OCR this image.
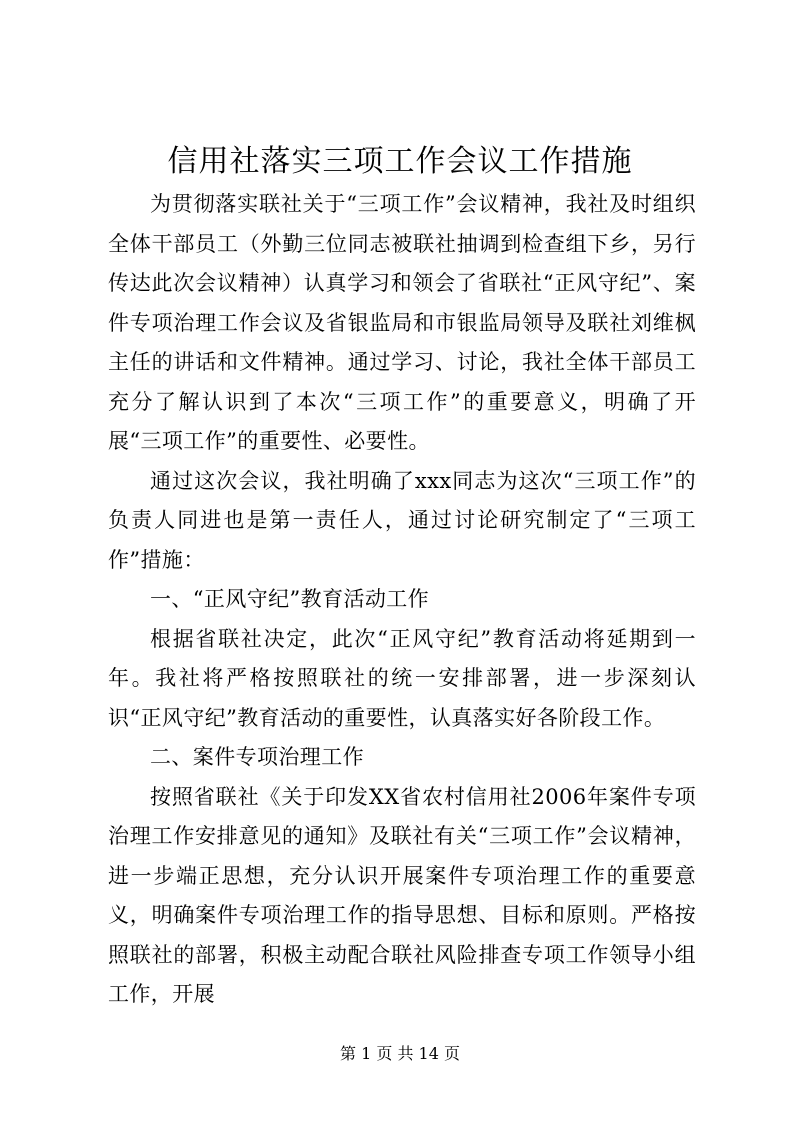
信用社落实三项工作会议工作措施

为贯彻落实联社关于“三项工作”会议精神，我社及时组织全体干部员工（外勤三位同志被联社抽调到检查组下乡，另行传达此次会议精神）认真学习和领会了省联社“正风守纪”、案件专项治理工作会议及省银监局和市银监局领导及联社刘维枫主任的讲话和文件精神。通过学习、讨论，我社全体干部员工充分了解认识到了本次“三项工作”的重要意义，明确了开展“三项工作”的重要性、必要性。

通过这次会议，我社明确了xxx同志为这次“三项工作”的负责人同进也是第一责任人，通过讨论研究制定了“三项工作”措施：

一、“正风守纪”教育活动工作

根据省联社决定，此次“正风守纪”教育活动将延期到一年。我社将严格按照联社的统一安排部署，进一步深刻认识“正风守纪”教育活动的重要性，认真落实好各阶段工作。

二、案件专项治理工作

按照省联社《关于印发XX省农村信用社2006年案件专项治理工作安排意见的通知》及联社有关“三项工作”会议精神，进一步端正思想，充分认识开展案件专项治理工作的重要意义，明确案件专项治理工作的指导思想、目标和原则。严格按照联社的部署，积极主动配合联社风险排查专项工作领导小组工作，开展

第 1 页 共 14 页
